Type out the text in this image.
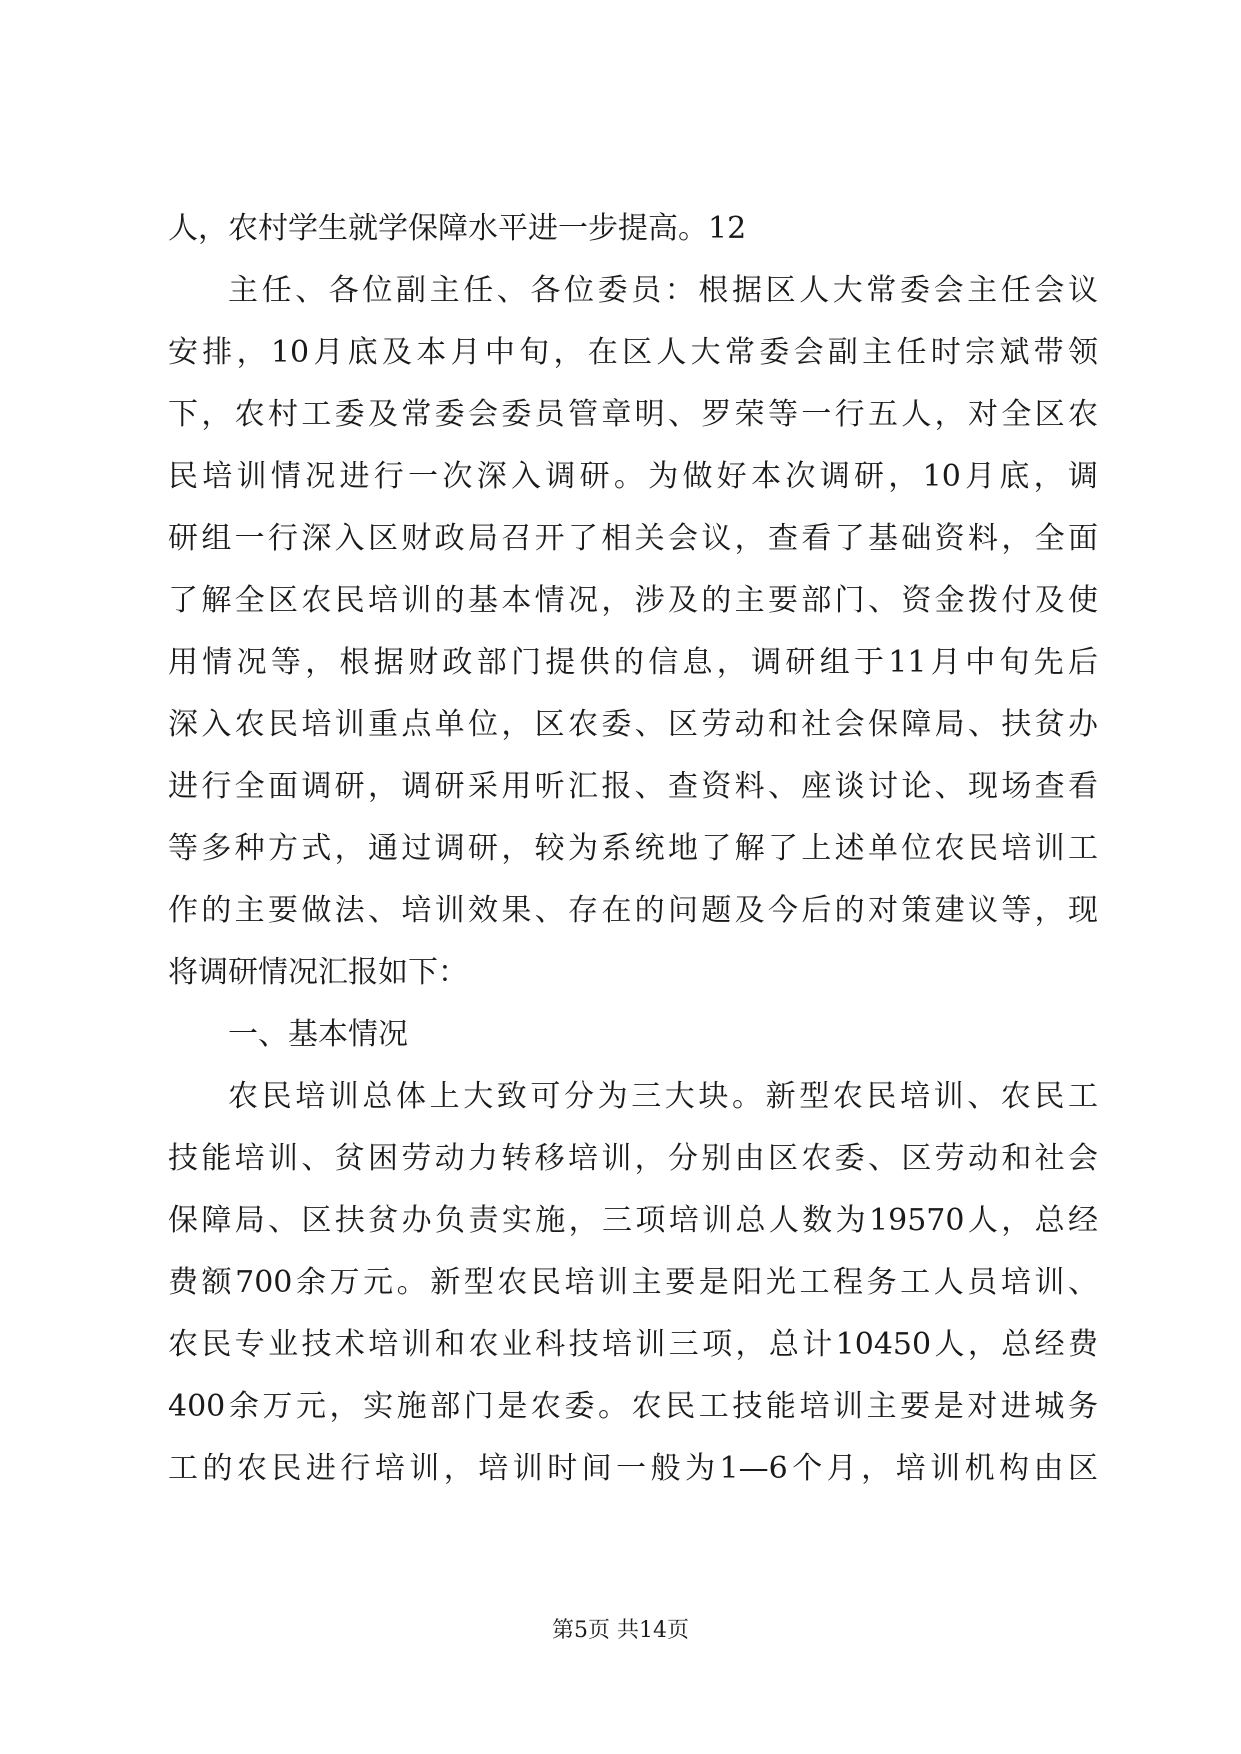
人，农村学生就学保障水平进一步提高。12
主任、各位副主任、各位委员：根据区人大常委会主任会议
安排，10月底及本月中旬，在区人大常委会副主任时宗斌带领
下，农村工委及常委会委员管章明、罗荣等一行五人，对全区农
民培训情况进行一次深入调研。为做好本次调研，10月底，调
研组一行深入区财政局召开了相关会议，查看了基础资料，全面
了解全区农民培训的基本情况，涉及的主要部门、资金拨付及使
用情况等，根据财政部门提供的信息，调研组于11月中旬先后
深入农民培训重点单位，区农委、区劳动和社会保障局、扶贫办
进行全面调研，调研采用听汇报、查资料、座谈讨论、现场查看
等多种方式，通过调研，较为系统地了解了上述单位农民培训工
作的主要做法、培训效果、存在的问题及今后的对策建议等，现
将调研情况汇报如下：
一、基本情况
农民培训总体上大致可分为三大块。新型农民培训、农民工
技能培训、贫困劳动力转移培训，分别由区农委、区劳动和社会
保障局、区扶贫办负责实施，三项培训总人数为19570人，总经
费额700余万元。新型农民培训主要是阳光工程务工人员培训、
农民专业技术培训和农业科技培训三项，总计10450人，总经费
400余万元，实施部门是农委。农民工技能培训主要是对进城务
工的农民进行培训，培训时间一般为1—6个月，培训机构由区
第5页 共14页
